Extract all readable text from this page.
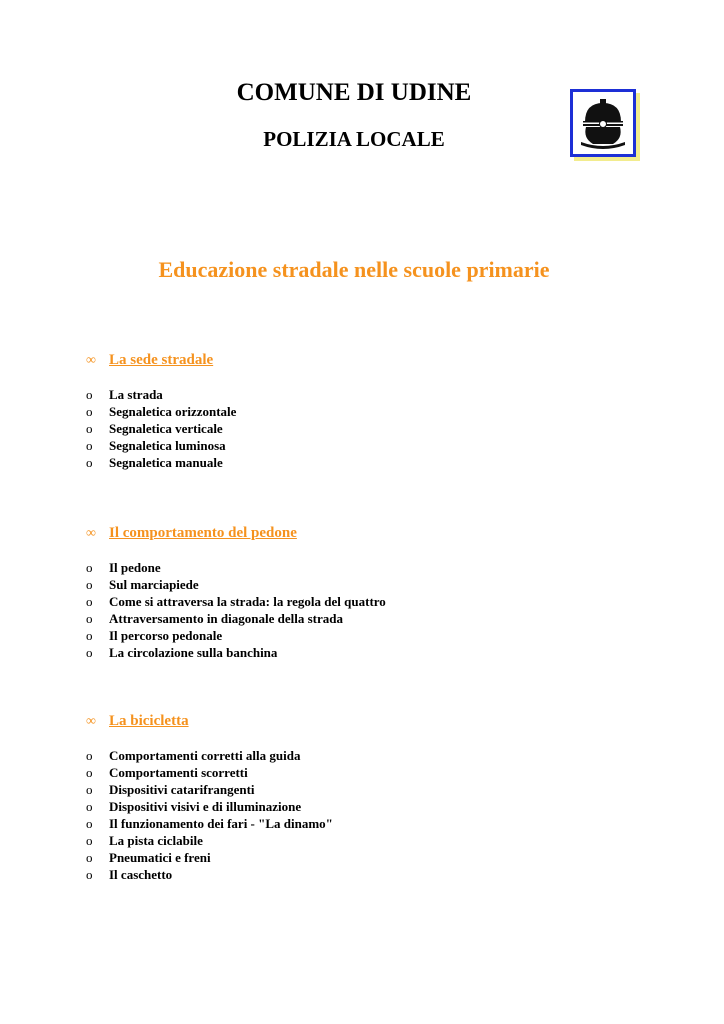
COMUNE DI UDINE
POLIZIA LOCALE
Educazione stradale nelle scuole primarie
∞ La sede stradale
o La strada
o Segnaletica orizzontale
o Segnaletica verticale
o Segnaletica luminosa
o Segnaletica manuale
∞ Il comportamento del pedone
o Il pedone
o Sul marciapiede
o Come si attraversa la strada: la regola del quattro
o Attraversamento in diagonale della strada
o Il percorso pedonale
o La circolazione sulla banchina
∞ La bicicletta
o Comportamenti corretti alla guida
o Comportamenti scorretti
o Dispositivi catarifrangenti
o Dispositivi visivi e di illuminazione
o Il funzionamento dei fari - "La dinamo"
o La pista ciclabile
o Pneumatici e freni
o Il caschetto
